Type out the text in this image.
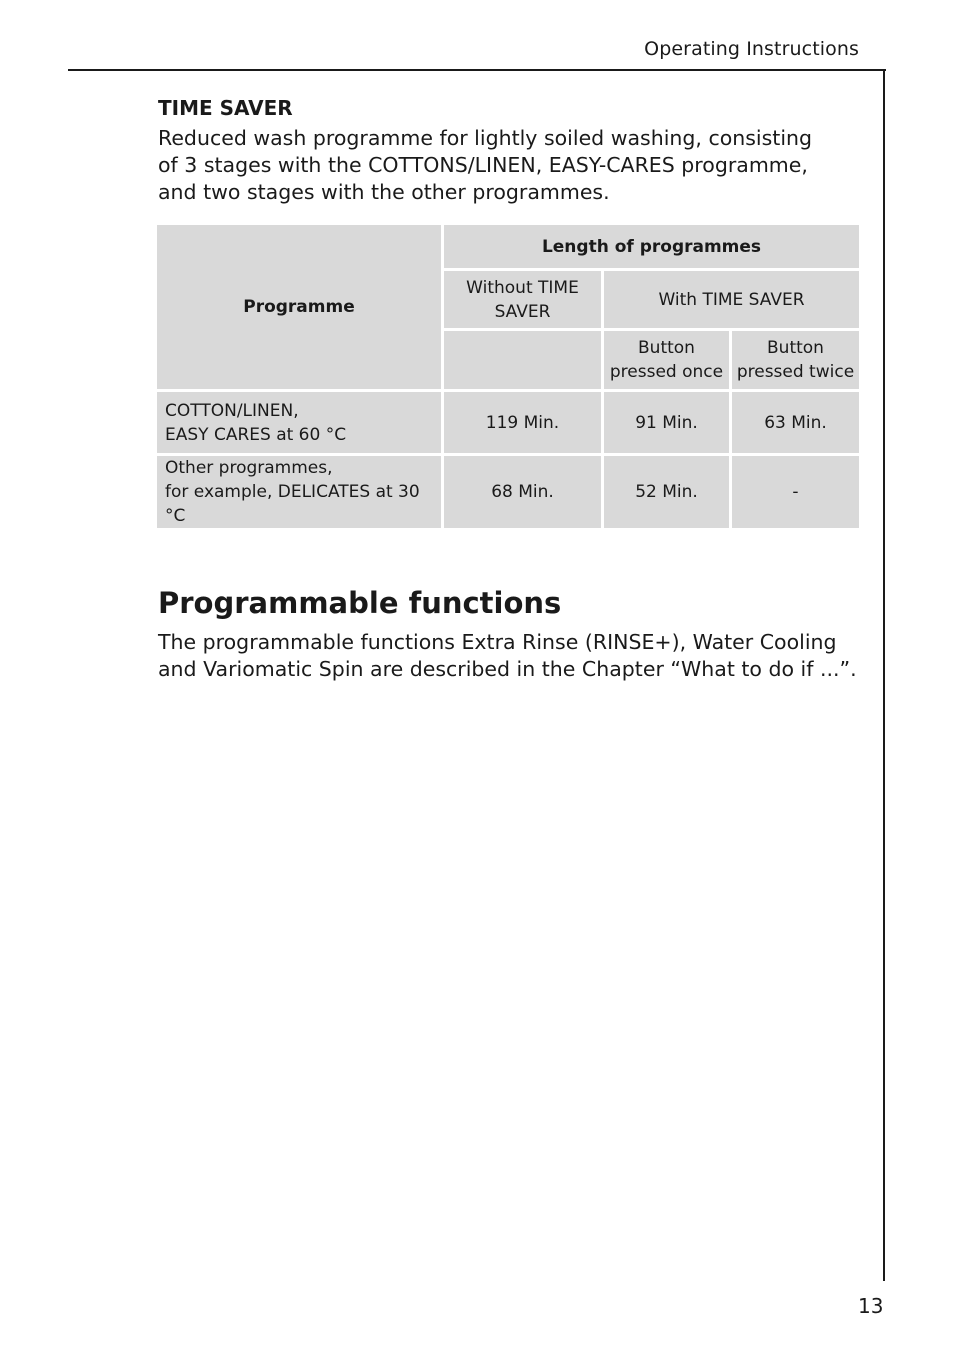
Operating Instructions
TIME SAVER
Reduced wash programme for lightly soiled washing, consisting of 3 stages with the COTTONS/LINEN, EASY-CARES programme, and two stages with the other programmes.
Programme	Length of programmes		
	Without TIME SAVER	With TIME SAVER	
		Button pressed once	Button pressed twice
COTTON/LINEN,
EASY CARES at 60 °C	119 Min.	91 Min.	63 Min.
Other programmes,
for example, DELICATES at 30 °C	68 Min.	52 Min.	-
Programmable functions
The programmable functions Extra Rinse (RINSE+), Water Cooling and Variomatic Spin are described in the Chapter “What to do if ...”.
13
